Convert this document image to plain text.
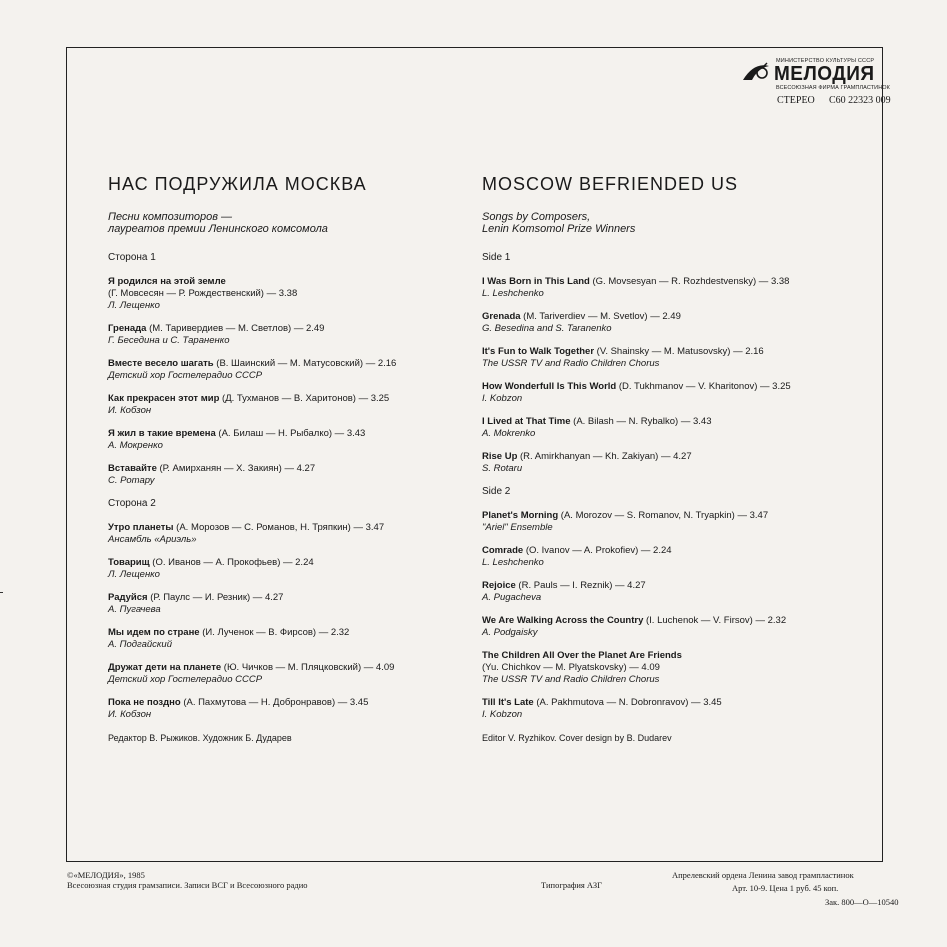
МИНИСТЕРСТВО КУЛЬТУРЫ СССР
МЕЛОДИЯ
ВСЕСОЮЗНАЯ ФИРМА ГРАМПЛАСТИНОК
СТЕРЕО С60 22323 009
НАС ПОДРУЖИЛА МОСКВА
Песни композиторов —
лауреатов премии Ленинского комсомола
Сторона 1
Я родился на этой земле
(Г. Мовсесян — Р. Рождественский) — 3.38
Л. Лещенко
Гренада (М. Таривердиев — М. Светлов) — 2.49
Г. Беседина и С. Тараненко
Вместе весело шагать (В. Шаинский — М. Матусовский) — 2.16
Детский хор Гостелерадио СССР
Как прекрасен этот мир (Д. Тухманов — В. Харитонов) — 3.25
И. Кобзон
Я жил в такие времена (А. Билаш — Н. Рыбалко) — 3.43
А. Мокренко
Вставайте (Р. Амирханян — Х. Закиян) — 4.27
С. Ротару
Сторона 2
Утро планеты (А. Морозов — С. Романов, Н. Тряпкин) — 3.47
Ансамбль «Ариэль»
Товарищ (О. Иванов — А. Прокофьев) — 2.24
Л. Лещенко
Радуйся (Р. Паулс — И. Резник) — 4.27
А. Пугачева
Мы идем по стране (И. Лученок — В. Фирсов) — 2.32
А. Подгайский
Дружат дети на планете (Ю. Чичков — М. Пляцковский) — 4.09
Детский хор Гостелерадио СССР
Пока не поздно (А. Пахмутова — Н. Добронравов) — 3.45
И. Кобзон
Редактор В. Рыжиков. Художник Б. Дударев
MOSCOW BEFRIENDED US
Songs by Composers,
Lenin Komsomol Prize Winners
Side 1
I Was Born in This Land (G. Movsesyan — R. Rozhdestvensky) — 3.38
L. Leshchenko
Grenada (M. Tariverdiev — M. Svetlov) — 2.49
G. Besedina and S. Taranenko
It's Fun to Walk Together (V. Shainsky — M. Matusovsky) — 2.16
The USSR TV and Radio Children Chorus
How Wonderfull Is This World (D. Tukhmanov — V. Kharitonov) — 3.25
I. Kobzon
I Lived at That Time (A. Bilash — N. Rybalko) — 3.43
A. Mokrenko
Rise Up (R. Amirkhanyan — Kh. Zakiyan) — 4.27
S. Rotaru
Side 2
Planet's Morning (A. Morozov — S. Romanov, N. Tryapkin) — 3.47
"Ariel" Ensemble
Comrade (O. Ivanov — A. Prokofiev) — 2.24
L. Leshchenko
Rejoice (R. Pauls — I. Reznik) — 4.27
A. Pugacheva
We Are Walking Across the Country (I. Luchenok — V. Firsov) — 2.32
A. Podgaisky
The Children All Over the Planet Are Friends
(Yu. Chichkov — M. Plyatskovsky) — 4.09
The USSR TV and Radio Children Chorus
Till It's Late (A. Pakhmutova — N. Dobronravov) — 3.45
I. Kobzon
Editor V. Ryzhikov. Cover design by B. Dudarev
©«МЕЛОДИЯ», 1985
Всесоюзная студия грамзаписи. Записи ВСГ и Всесоюзного радио	Типография АЗГ
Апрелевский ордена Ленина завод грампластинок
Арт. 10-9. Цена 1 руб. 45 коп.
Зак. 800—О—10540
